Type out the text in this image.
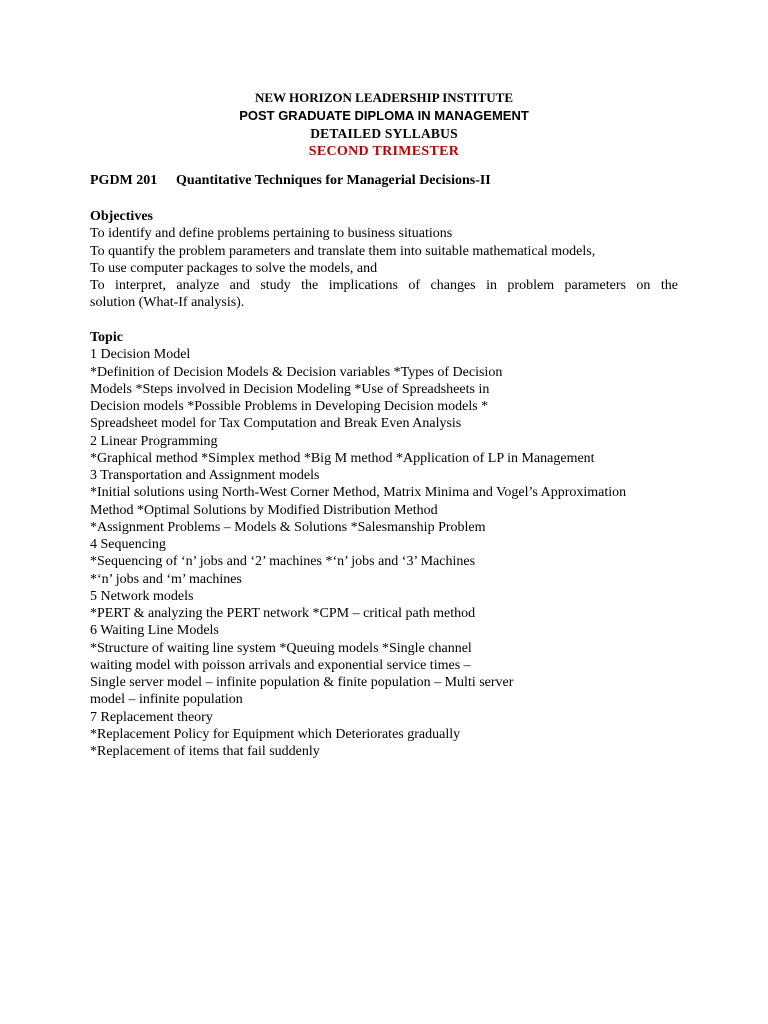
NEW HORIZON LEADERSHIP INSTITUTE
POST GRADUATE DIPLOMA IN MANAGEMENT
DETAILED SYLLABUS
SECOND TRIMESTER
PGDM 201 Quantitative Techniques for Managerial Decisions-II
Objectives
To identify and define problems pertaining to business situations
To quantify the problem parameters and translate them into suitable mathematical models,
To use computer packages to solve the models, and
To interpret, analyze and study the implications of changes in problem parameters on the
solution (What-If analysis).
Topic
1 Decision Model
*Definition of Decision Models & Decision variables *Types of Decision
Models *Steps involved in Decision Modeling *Use of Spreadsheets in
Decision models *Possible Problems in Developing Decision models *
Spreadsheet model for Tax Computation and Break Even Analysis
2 Linear Programming
*Graphical method *Simplex method *Big M method *Application of LP in Management
3 Transportation and Assignment models
*Initial solutions using North-West Corner Method, Matrix Minima and Vogel’s Approximation
Method *Optimal Solutions by Modified Distribution Method
*Assignment Problems – Models & Solutions *Salesmanship Problem
4 Sequencing
*Sequencing of ‘n’ jobs and ‘2’ machines *‘n’ jobs and ‘3’ Machines
*‘n’ jobs and ‘m’ machines
5 Network models
*PERT & analyzing the PERT network *CPM – critical path method
6 Waiting Line Models
*Structure of waiting line system *Queuing models *Single channel
waiting model with poisson arrivals and exponential service times –
Single server model – infinite population & finite population – Multi server
model – infinite population
7 Replacement theory
*Replacement Policy for Equipment which Deteriorates gradually
*Replacement of items that fail suddenly
